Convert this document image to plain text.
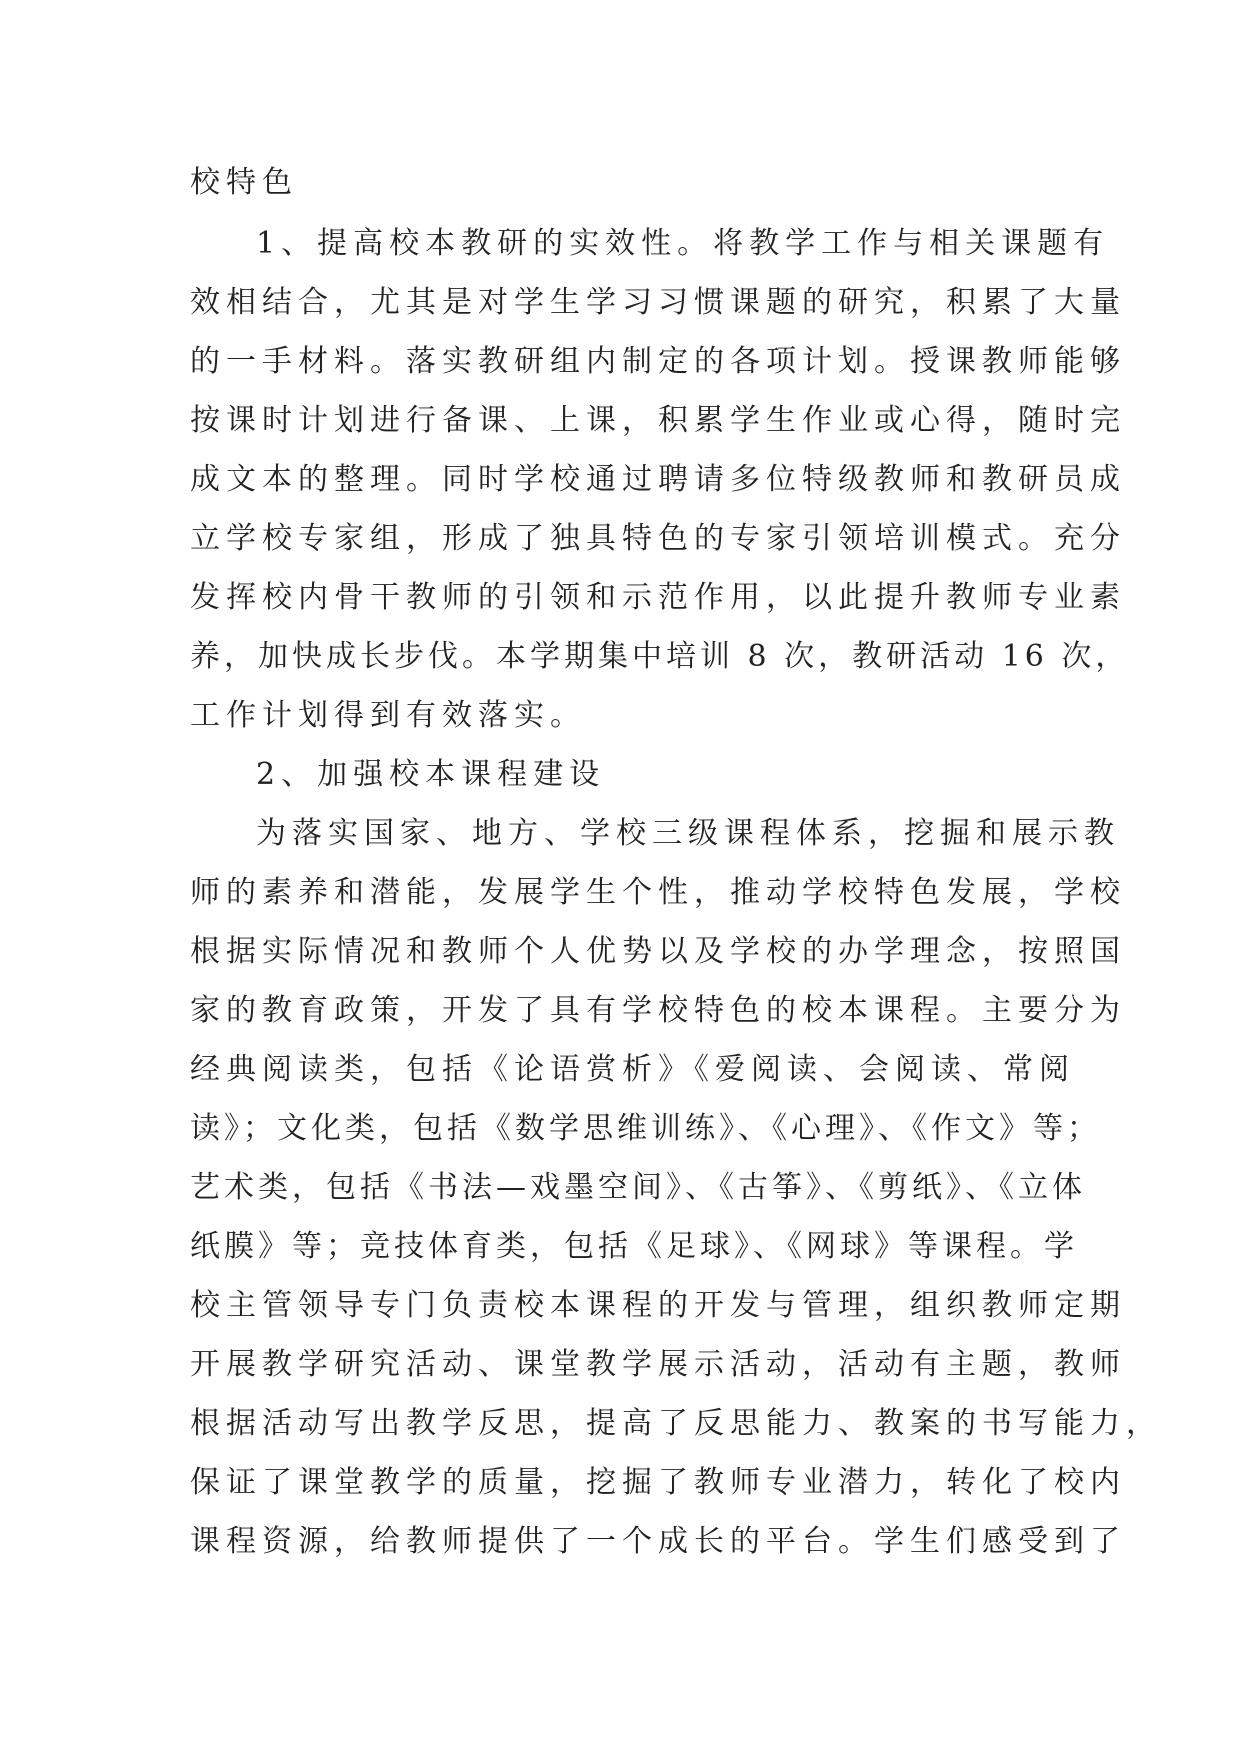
校特色

1、提高校本教研的实效性。将教学工作与相关课题有

效相结合，尤其是对学生学习习惯课题的研究，积累了大量

的一手材料。落实教研组内制定的各项计划。授课教师能够

按课时计划进行备课、上课，积累学生作业或心得，随时完

成文本的整理。同时学校通过聘请多位特级教师和教研员成

立学校专家组，形成了独具特色的专家引领培训模式。充分

发挥校内骨干教师的引领和示范作用，以此提升教师专业素

养，加快成长步伐。本学期集中培训 8 次，教研活动 16 次，

工作计划得到有效落实。

2、加强校本课程建设

为落实国家、地方、学校三级课程体系，挖掘和展示教

师的素养和潜能，发展学生个性，推动学校特色发展，学校

根据实际情况和教师个人优势以及学校的办学理念，按照国

家的教育政策，开发了具有学校特色的校本课程。主要分为

经典阅读类，包括《论语赏析》《爱阅读、会阅读、常阅

读》；文化类，包括《数学思维训练》、《心理》、《作文》等；

艺术类，包括《书法—戏墨空间》、《古筝》、《剪纸》、《立体

纸膜》等；竞技体育类，包括《足球》、《网球》等课程。学

校主管领导专门负责校本课程的开发与管理，组织教师定期

开展教学研究活动、课堂教学展示活动，活动有主题，教师

根据活动写出教学反思，提高了反思能力、教案的书写能力，

保证了课堂教学的质量，挖掘了教师专业潜力，转化了校内

课程资源，给教师提供了一个成长的平台。学生们感受到了
